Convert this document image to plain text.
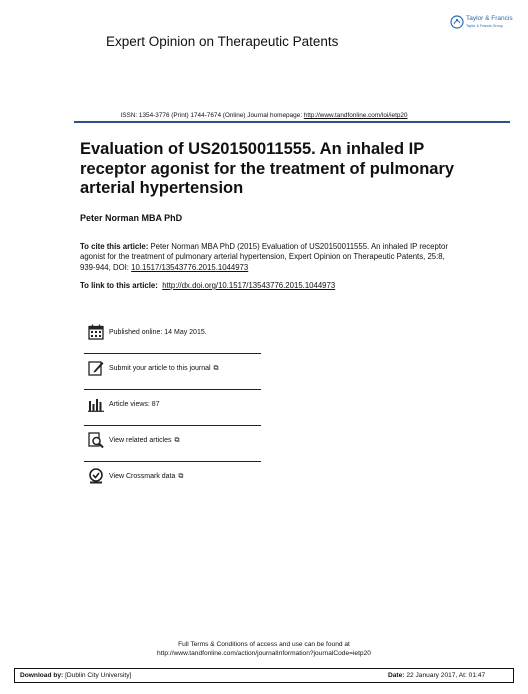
Taylor & Francis
Taylor & Francis Group
Expert Opinion on Therapeutic Patents
ISSN: 1354-3776 (Print) 1744-7674 (Online) Journal homepage: http://www.tandfonline.com/loi/ietp20
Evaluation of US20150011555. An inhaled IP receptor agonist for the treatment of pulmonary arterial hypertension
Peter Norman MBA PhD
To cite this article: Peter Norman MBA PhD (2015) Evaluation of US20150011555. An inhaled IP receptor agonist for the treatment of pulmonary arterial hypertension, Expert Opinion on Therapeutic Patents, 25:8, 939-944, DOI: 10.1517/13543776.2015.1044973
To link to this article: http://dx.doi.org/10.1517/13543776.2015.1044973
Published online: 14 May 2015.
Submit your article to this journal ⧉
Article views: 87
View related articles ⧉
View Crossmark data ⧉
Full Terms & Conditions of access and use can be found at
http://www.tandfonline.com/action/journalInformation?journalCode=ietp20
Download by: [Dublin City University]	Date: 22 January 2017, At: 01:47
